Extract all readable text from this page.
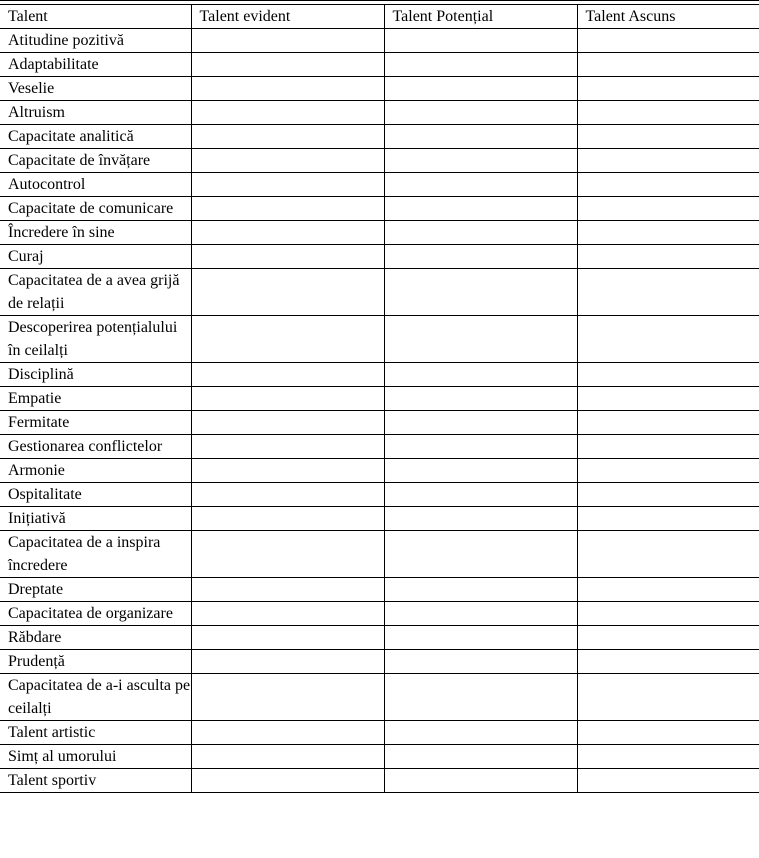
Talent	Talent evident	Talent Potențial	Talent Ascuns
Atitudine pozitivă			
Adaptabilitate			
Veselie			
Altruism			
Capacitate analitică			
Capacitate de învățare			
Autocontrol			
Capacitate de comunicare			
Încredere în sine			
Curaj			
Capacitatea de a avea grijă de relații			
Descoperirea potențialului în ceilalți			
Disciplină			
Empatie			
Fermitate			
Gestionarea conflictelor			
Armonie			
Ospitalitate			
Inițiativă			
Capacitatea de a inspira încredere			
Dreptate			
Capacitatea de organizare			
Răbdare			
Prudență			
Capacitatea de a-i asculta pe ceilalți			
Talent artistic			
Simț al umorului			
Talent sportiv			
